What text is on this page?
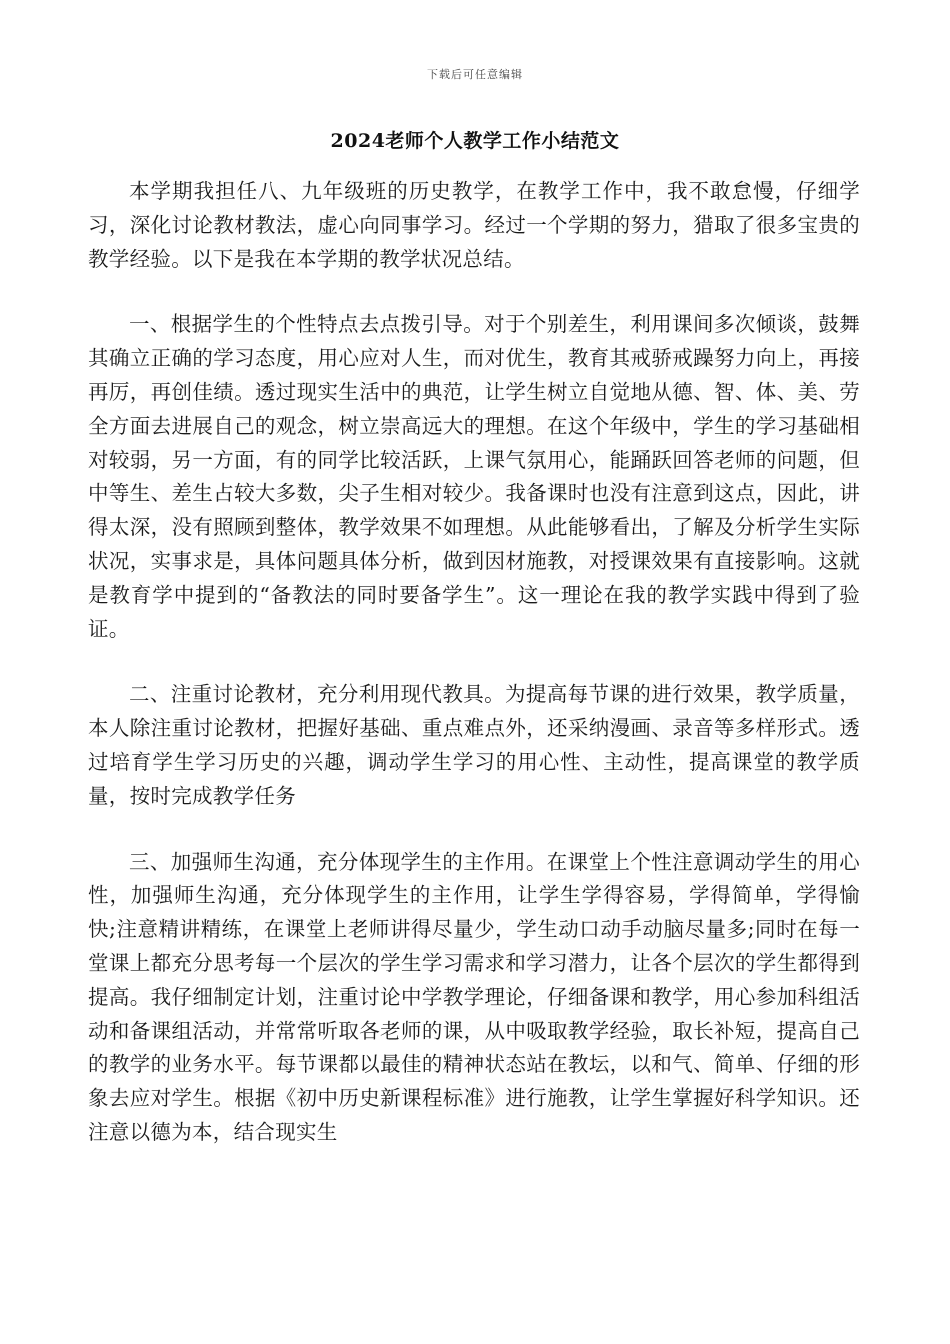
下载后可任意编辑
2024老师个人教学工作小结范文

本学期我担任八、九年级班的历史教学，在教学工作中，我不敢怠慢，仔细学习，深化讨论教材教法，虚心向同事学习。经过一个学期的努力，猎取了很多宝贵的教学经验。以下是我在本学期的教学状况总结。

一、根据学生的个性特点去点拨引导。对于个别差生，利用课间多次倾谈，鼓舞其确立正确的学习态度，用心应对人生，而对优生，教育其戒骄戒躁努力向上，再接再厉，再创佳绩。透过现实生活中的典范，让学生树立自觉地从德、智、体、美、劳全方面去进展自己的观念，树立崇高远大的理想。在这个年级中，学生的学习基础相对较弱，另一方面，有的同学比较活跃，上课气氛用心，能踊跃回答老师的问题，但中等生、差生占较大多数，尖子生相对较少。我备课时也没有注意到这点，因此，讲得太深，没有照顾到整体，教学效果不如理想。从此能够看出，了解及分析学生实际状况，实事求是，具体问题具体分析，做到因材施教，对授课效果有直接影响。这就是教育学中提到的“备教法的同时要备学生”。这一理论在我的教学实践中得到了验证。

二、注重讨论教材，充分利用现代教具。为提高每节课的进行效果，教学质量，本人除注重讨论教材，把握好基础、重点难点外，还采纳漫画、录音等多样形式。透过培育学生学习历史的兴趣，调动学生学习的用心性、主动性，提高课堂的教学质量，按时完成教学任务

三、加强师生沟通，充分体现学生的主作用。在课堂上个性注意调动学生的用心性，加强师生沟通，充分体现学生的主作用，让学生学得容易，学得简单，学得愉快;注意精讲精练，在课堂上老师讲得尽量少，学生动口动手动脑尽量多;同时在每一堂课上都充分思考每一个层次的学生学习需求和学习潜力，让各个层次的学生都得到提高。我仔细制定计划，注重讨论中学教学理论，仔细备课和教学，用心参加科组活动和备课组活动，并常常听取各老师的课，从中吸取教学经验，取长补短，提高自己的教学的业务水平。每节课都以最佳的精神状态站在教坛，以和气、简单、仔细的形象去应对学生。根据《初中历史新课程标准》进行施教，让学生掌握好科学知识。还注意以德为本，结合现实生
